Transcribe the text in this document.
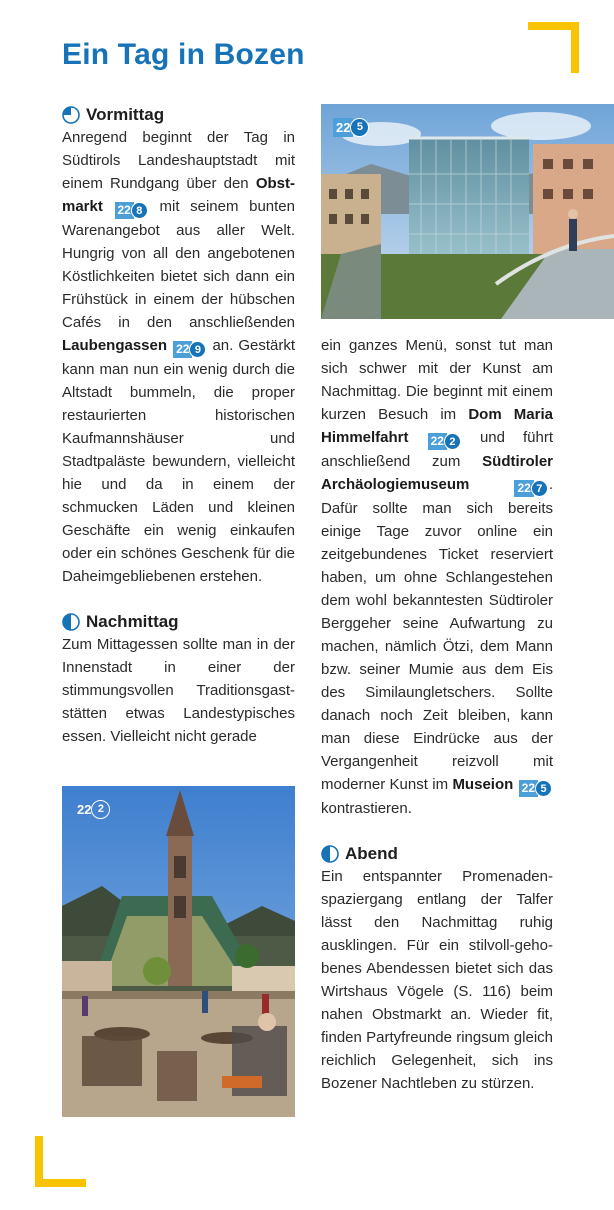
Ein Tag in Bozen
Vormittag

Anregend beginnt der Tag in Südtirols Landeshauptstadt mit einem Rundgang über den Obstmarkt 22 8 mit seinem bunten Warenangebot aus aller Welt. Hungrig von all den angebotenen Köstlichkeiten bietet sich dann ein Frühstück in einem der hübschen Cafés in den anschließenden Laubengassen 22 9 an. Gestärkt kann man nun ein wenig durch die Altstadt bummeln, die proper restaurierten historischen Kaufmannshäuser und Stadtpaläste bewundern, vielleicht hie und da in einem der schmucken Läden und kleinen Geschäfte ein wenig einkaufen oder ein schönes Geschenk für die Daheimgebliebenen erstehen.

Nachmittag

Zum Mittagessen sollte man in der Innenstadt in einer der stimmungsvollen Traditionsgaststätten etwas Landestypisches essen. Vielleicht nicht gerade

22 2
22 5

ein ganzes Menü, sonst tut man sich schwer mit der Kunst am Nachmittag. Die beginnt mit einem kurzen Besuch im Dom Maria Himmelfahrt 22 2 und führt anschließend zum Südtiroler Archäologiemuseum	22 7 . Dafür sollte man sich bereits einige Tage zuvor online ein zeitgebundenes Ticket reserviert haben, um ohne Schlangestehen dem wohl bekanntesten Südtiroler Berggeher seine Aufwartung zu machen, nämlich Ötzi, dem Mann bzw. seiner Mumie aus dem Eis des Similaungletschers. Sollte danach noch Zeit bleiben, kann man diese Eindrücke aus der Vergangenheit reizvoll mit moderner Kunst im Museion 22 5
kontrastieren.

Abend

Ein entspannter Promenadenspaziergang entlang der Talfer lässt den Nachmittag ruhig ausklingen. Für ein stilvoll-gehobenes Abendessen bietet sich das Wirtshaus Vögele (S. 116) beim nahen Obstmarkt an. Wieder fit, finden Partyfreunde ringsum gleich reichlich Gelegenheit, sich ins Bozener Nachtleben zu stürzen.
